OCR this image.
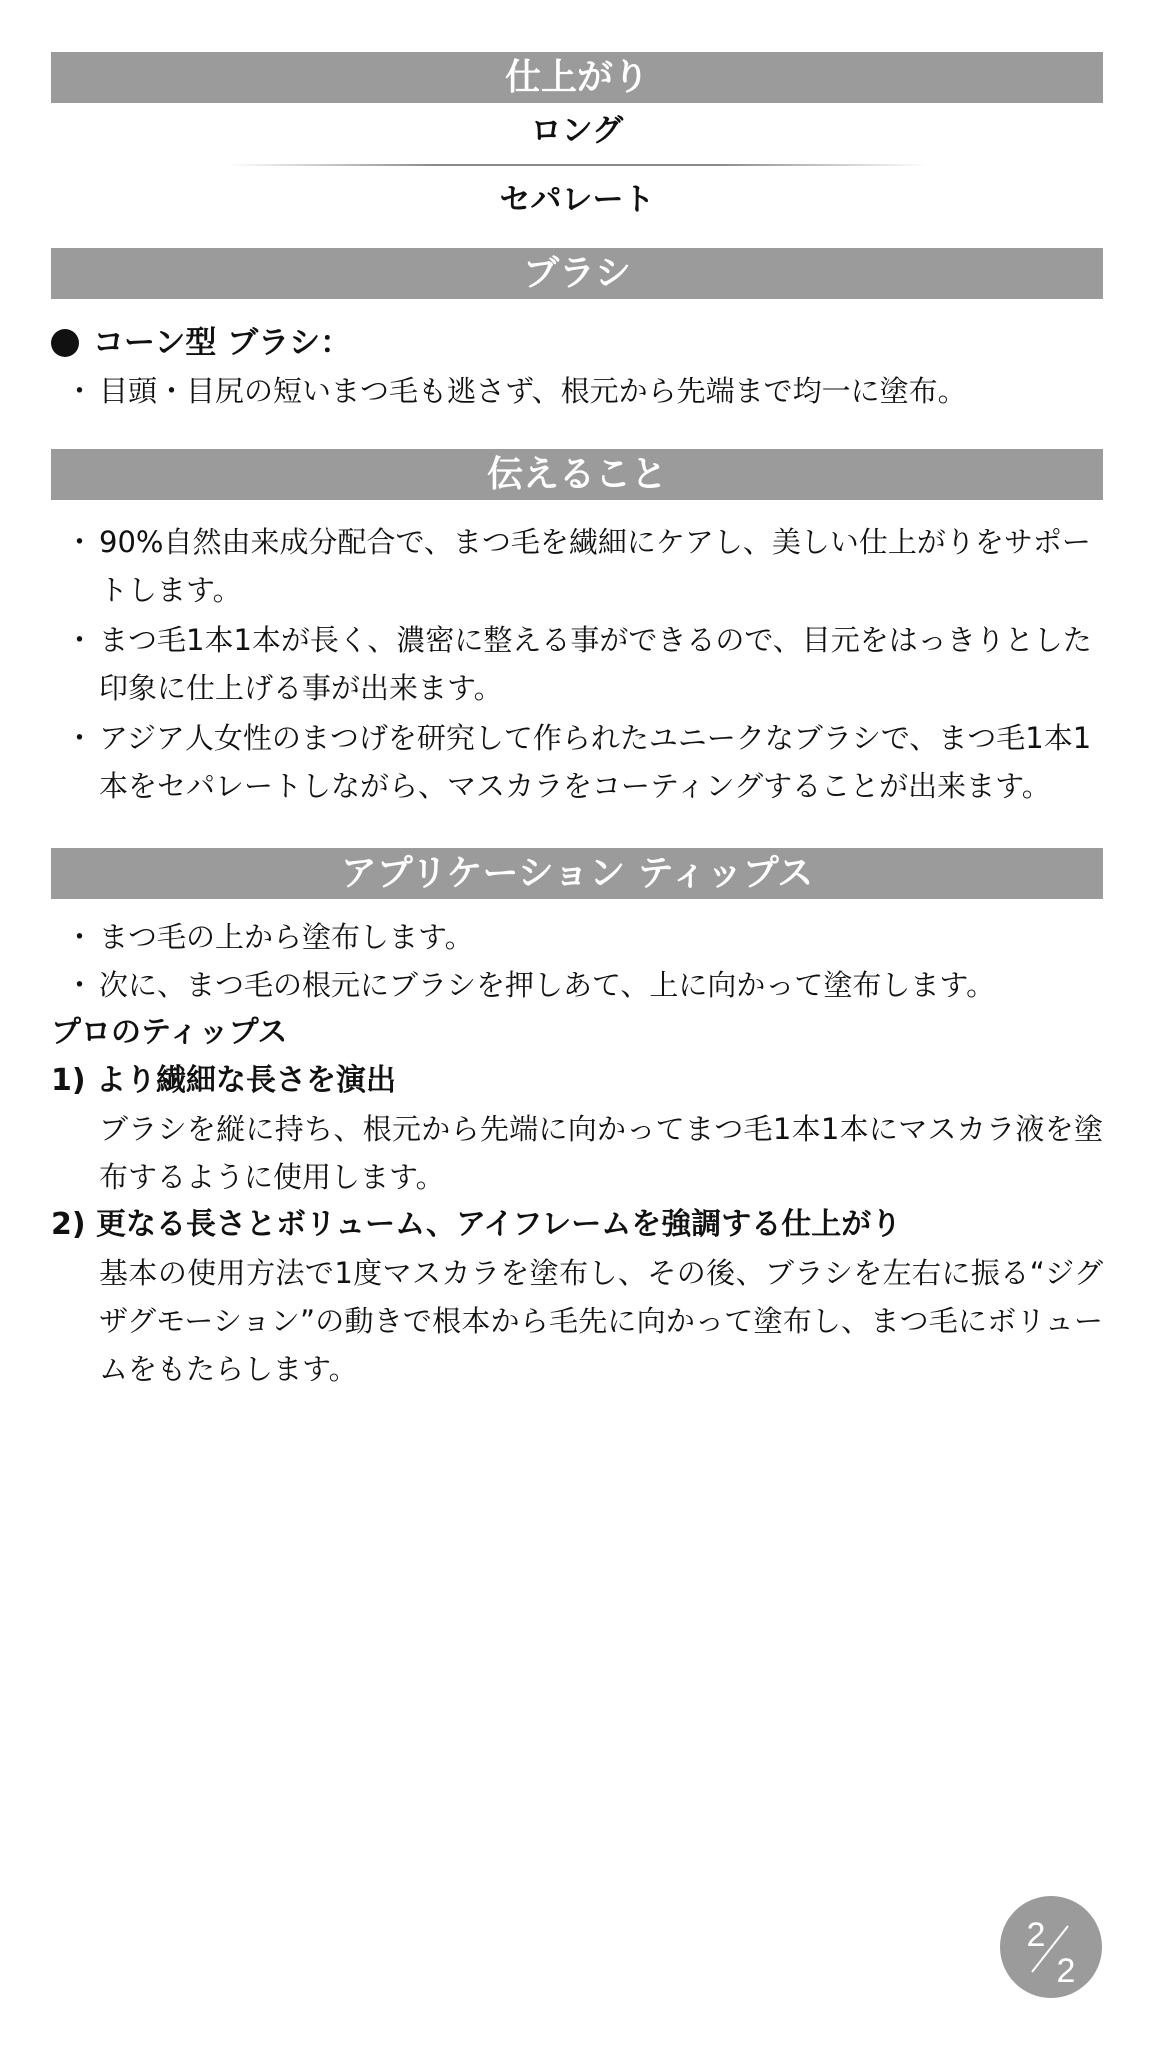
仕上がり
ロング
セパレート
ブラシ
コーン型 ブラシ：
・ 目頭・目尻の短いまつ毛も逃さず、根元から先端まで均一に塗布。
伝えること
・ 90%自然由来成分配合で、まつ毛を繊細にケアし、美しい仕上がりをサポートします。
・ まつ毛1本1本が長く、濃密に整える事ができるので、目元をはっきりとした印象に仕上げる事が出来ます。
・ アジア人女性のまつげを研究して作られたユニークなブラシで、まつ毛1本1本をセパレートしながら、マスカラをコーティングすることが出来ます。
アプリケーション ティップス
・ まつ毛の上から塗布します。
・ 次に、まつ毛の根元にブラシを押しあて、上に向かって塗布します。
プロのティップス
1) より繊細な長さを演出
ブラシを縦に持ち、根元から先端に向かってまつ毛1本1本にマスカラ液を塗布するように使用します。
2) 更なる長さとボリューム、アイフレームを強調する仕上がり
基本の使用方法で1度マスカラを塗布し、その後、ブラシを左右に振る“ジグザグモーション”の動きで根本から毛先に向かって塗布し、まつ毛にボリュームをもたらします。
2
2
